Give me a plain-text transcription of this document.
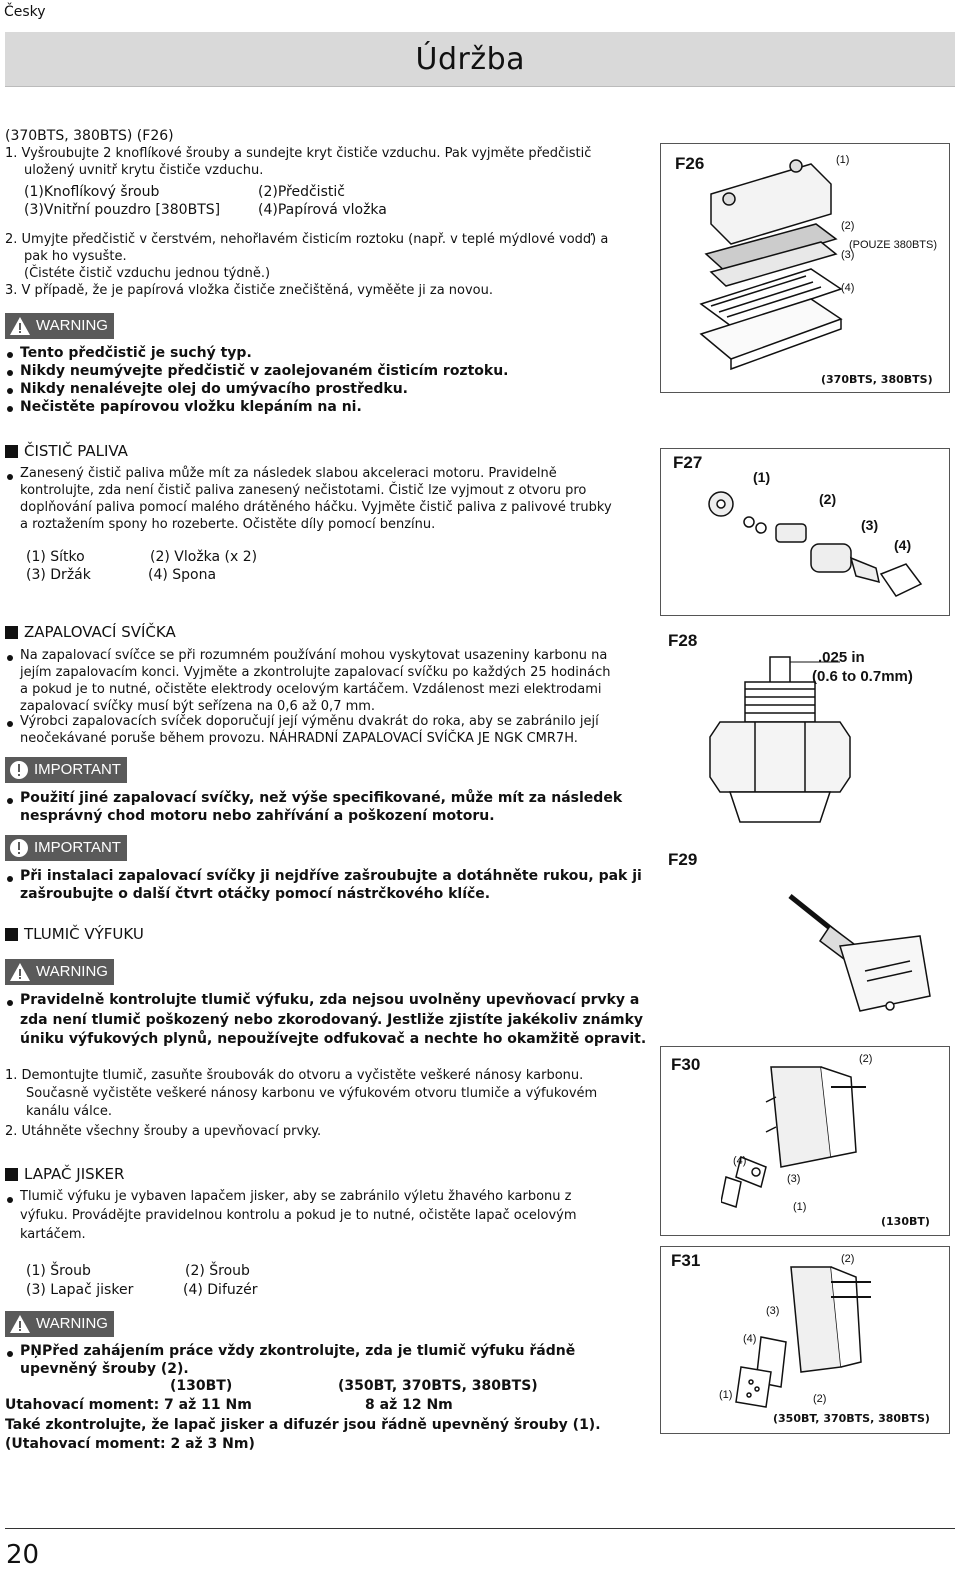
Česky
Údržba
(370BTS, 380BTS) (F26)
1. Vyšroubujte 2 knoflíkové šrouby a sundejte kryt čističe vzduchu. Pak vyjměte předčistič
uložený uvnitř krytu čističe vzduchu.
(1)Knoflíkový šroub	(2)Předčistič
(3)Vnitřní pouzdro [380BTS]	(4)Papírová vložka
2. Umyjte předčistič v čerstvém, nehořlavém čisticím roztoku (např. v teplé mýdlové vodď) a
pak ho vysušte.
(Čistéte čistič vzduchu jednou týdně.)
3. V případě, že je papírová vložka čističe znečištěná, vyměěte ji za novou.
WARNING
Tento předčistič je suchý typ.
Nikdy neumývejte předčistič v zaolejovaném čisticím roztoku.
Nikdy nenalévejte olej do umývacího prostředku.
Nečistěte papírovou vložku klepáním na ni.
ČISTIČ PALIVA
Zanesený čistič paliva může mít za následek slabou akceleraci motoru. Pravidelně
kontrolujte, zda není čistič paliva zanesený nečistotami. Čistič lze vyjmout z otvoru pro
doplňování paliva pomocí malého drátěného háčku. Vyjměte čistič paliva z palivové trubky
a roztažením spony ho rozeberte. Očistěte díly pomocí benzínu.
(1) Sítko	(2) Vložka (x 2)
(3) Držák	(4) Spona
ZAPALOVACÍ SVÍČKA
Na zapalovací svíčce se při rozumném používání mohou vyskytovat usazeniny karbonu na
jejím zapalovacím konci. Vyjměte a zkontrolujte zapalovací svíčku po každých 25 hodinách
a pokud je to nutné, očistěte elektrody ocelovým kartáčem. Vzdálenost mezi elektrodami
zapalovací svíčky musí být seřízena na 0,6 až 0,7 mm.
Výrobci zapalovacích svíček doporučují její výměnu dvakrát do roka, aby se zabránilo její
neočekávané poruše během provozu. NÁHRADNÍ ZAPALOVACÍ SVÍČKA JE NGK CMR7H.
IMPORTANT
Použití jiné zapalovací svíčky, než výše specifikované, může mít za následek
nesprávný chod motoru nebo zahřívání a poškození motoru.
IMPORTANT
Při instalaci zapalovací svíčky ji nejdříve zašroubujte a dotáhněte rukou, pak ji
zašroubujte o další čtvrt otáčky pomocí nástrčkového klíče.
TLUMIČ VÝFUKU
WARNING
Pravidelně kontrolujte tlumič výfuku, zda nejsou uvolněny upevňovací prvky a
zda není tlumič poškozený nebo zkorodovaný. Jestliže zjistíte jakékoliv známky
úniku výfukových plynů, nepoužívejte odfukovač a nechte ho okamžitě opravit.
1. Demontujte tlumič, zasuňte šroubovák do otvoru a vyčistěte veškeré nánosy karbonu.
Současně vyčistěte veškeré nánosy karbonu ve výfukovém otvoru tlumiče a výfukovém
kanálu válce.
2. Utáhněte všechny šrouby a upevňovací prvky.
LAPAČ JISKER
Tlumič výfuku je vybaven lapačem jisker, aby se zabránilo výletu žhavého karbonu z
výfuku. Provádějte pravidelnou kontrolu a pokud je to nutné, očistěte lapač ocelovým
kartáčem.
(1) Šroub	(2) Šroub
(3) Lapač jisker	(4) Difuzér
WARNING
PŅPřed zahájením práce vždy zkontrolujte, zda je tlumič výfuku řádně
upevněný šrouby (2).
(130BT)	(350BT, 370BTS, 380BTS)
Utahovací moment: 7 až 11 Nm	8 až 12 Nm
Také zkontrolujte, že lapač jisker a difuzér jsou řádně upevněný šrouby (1).
(Utahovací moment: 2 až 3 Nm)
F26	(1)
(2)
(POUZE 380BTS)
(3)
(4)
(370BTS, 380BTS)
F27
(1)
(2)
(3)
(4)
F28
.025 in
(0.6 to 0.7mm)
F29
F30	(2)
(4)
(3)
(1)
(130BT)
F31	(2)
(3)
(4)
(1)	(2)
(350BT, 370BTS, 380BTS)
20
